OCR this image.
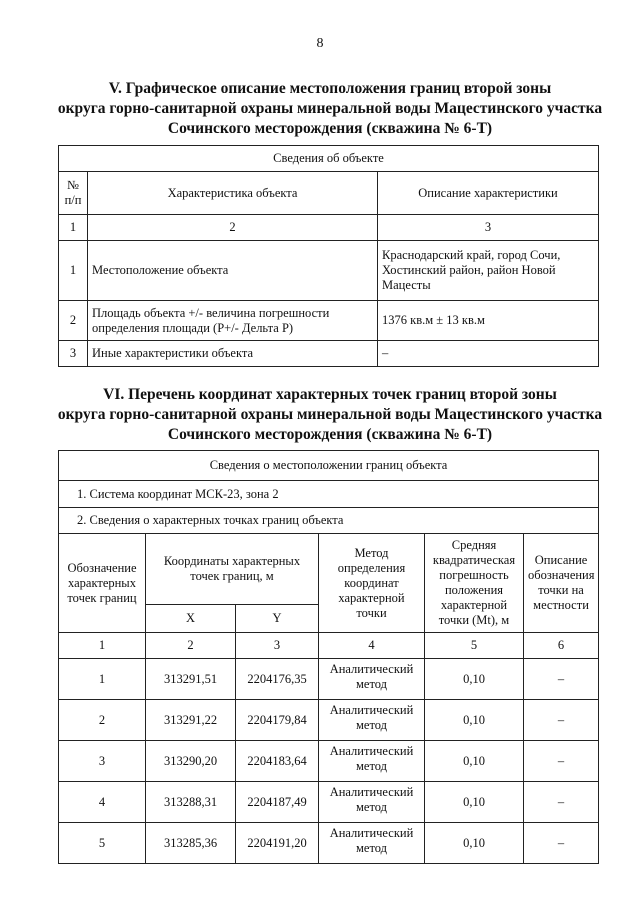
8
V. Графическое описание местоположения границ второй зоны
округа горно-санитарной охраны минеральной воды Мацестинского участка
Сочинского месторождения (скважина № 6-Т)
Сведения об объекте		
№ п/п	Характеристика объекта	Описание характеристики
1	2	3
1	Местоположение объекта	Краснодарский край, город Сочи, Хостинский район, район Новой Мацесты
2	Площадь объекта +/- величина погрешности определения площади (Р+/- Дельта Р)	1376 кв.м ± 13 кв.м
3	Иные характеристики объекта	–
VI. Перечень координат характерных точек границ второй зоны
округа горно-санитарной охраны минеральной воды Мацестинского участка
Сочинского месторождения (скважина № 6-Т)
Сведения о местоположении границ объекта					
1. Система координат МСК-23, зона 2					
2. Сведения о характерных точках границ объекта					
Обозначение характерных точек границ	Координаты характерных точек границ, м		Метод определения координат характерной точки	Средняя квадратическая погрешность положения характерной точки (Mt), м	Описание обозначения точки на местности
	X	Y			
1	2	3	4	5	6
1	313291,51	2204176,35	Аналитический метод	0,10	–
2	313291,22	2204179,84	Аналитический метод	0,10	–
3	313290,20	2204183,64	Аналитический метод	0,10	–
4	313288,31	2204187,49	Аналитический метод	0,10	–
5	313285,36	2204191,20	Аналитический метод	0,10	–
